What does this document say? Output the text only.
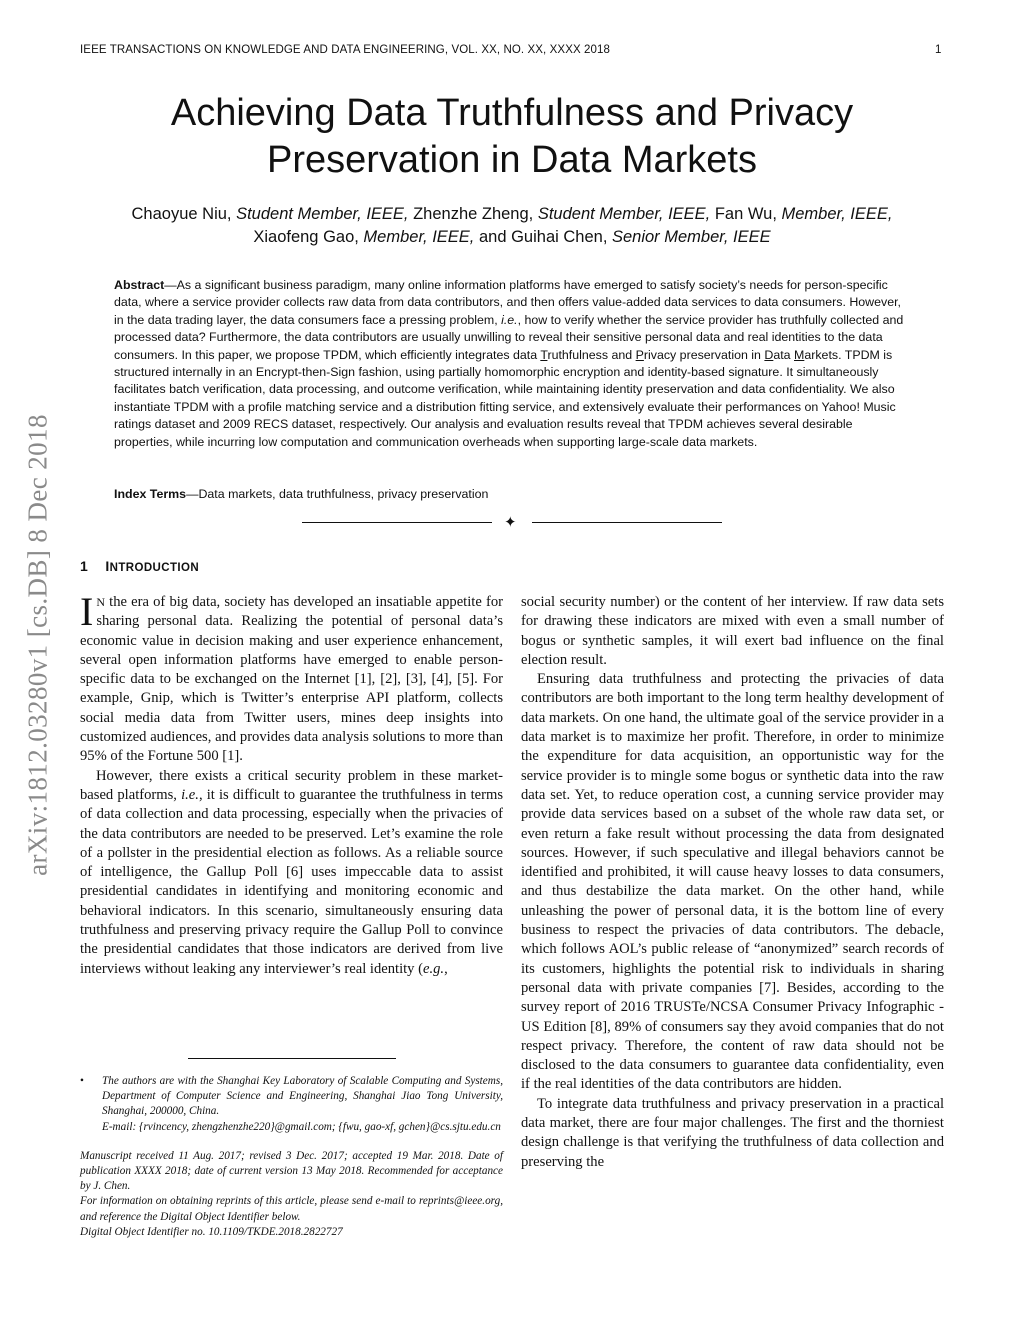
IEEE TRANSACTIONS ON KNOWLEDGE AND DATA ENGINEERING, VOL. XX, NO. XX, XXXX 2018	1
arXiv:1812.03280v1 [cs.DB] 8 Dec 2018
Achieving Data Truthfulness and Privacy
Preservation in Data Markets
Chaoyue Niu, Student Member, IEEE, Zhenzhe Zheng, Student Member, IEEE, Fan Wu, Member, IEEE,
Xiaofeng Gao, Member, IEEE, and Guihai Chen, Senior Member, IEEE
Abstract—As a significant business paradigm, many online information platforms have emerged to satisfy society’s needs for person-specific data, where a service provider collects raw data from data contributors, and then offers value-added data services to data consumers. However, in the data trading layer, the data consumers face a pressing problem, i.e., how to verify whether the service provider has truthfully collected and processed data? Furthermore, the data contributors are usually unwilling to reveal their sensitive personal data and real identities to the data consumers. In this paper, we propose TPDM, which efficiently integrates data Truthfulness and Privacy preservation in Data Markets. TPDM is structured internally in an Encrypt-then-Sign fashion, using partially homomorphic encryption and identity-based signature. It simultaneously facilitates batch verification, data processing, and outcome verification, while maintaining identity preservation and data confidentiality. We also instantiate TPDM with a profile matching service and a distribution fitting service, and extensively evaluate their performances on Yahoo! Music ratings dataset and 2009 RECS dataset, respectively. Our analysis and evaluation results reveal that TPDM achieves several desirable properties, while incurring low computation and communication overheads when supporting large-scale data markets.
Index Terms—Data markets, data truthfulness, privacy preservation
✦
1 INTRODUCTION

I N the era of big data, society has developed an insatiable appetite for sharing personal data. Realizing the potential of personal data’s economic value in decision making and user experience enhancement, several open information platforms have emerged to enable person-specific data to be exchanged on the Internet [1], [2], [3], [4], [5]. For example, Gnip, which is Twitter’s enterprise API platform, collects social media data from Twitter users, mines deep insights into customized audiences, and provides data analysis solutions to more than 95% of the Fortune 500 [1].

However, there exists a critical security problem in these market-based platforms, i.e., it is difficult to guarantee the truthfulness in terms of data collection and data processing, especially when the privacies of the data contributors are needed to be preserved. Let’s examine the role of a pollster in the presidential election as follows. As a reliable source of intelligence, the Gallup Poll [6] uses impeccable data to assist presidential candidates in identifying and monitoring economic and behavioral indicators. In this scenario, simultaneously ensuring data truthfulness and preserving privacy require the Gallup Poll to convince the presidential candidates that those indicators are derived from live interviews without leaking any interviewer’s real identity (e.g.,

•	The authors are with the Shanghai Key Laboratory of Scalable Computing and Systems, Department of Computer Science and Engineering, Shanghai Jiao Tong University, Shanghai, 200000, China.

E-mail: {rvincency, zhengzhenzhe220}@gmail.com; {fwu, gao-xf, gchen}@cs.sjtu.edu.cn

Manuscript received 11 Aug. 2017; revised 3 Dec. 2017; accepted 19 Mar. 2018. Date of publication XXXX 2018; date of current version 13 May 2018. Recommended for acceptance by J. Chen.

For information on obtaining reprints of this article, please send e-mail to reprints@ieee.org, and reference the Digital Object Identifier below.

Digital Object Identifier no. 10.1109/TKDE.2018.2822727

social security number) or the content of her interview. If raw data sets for drawing these indicators are mixed with even a small number of bogus or synthetic samples, it will exert bad influence on the final election result.

Ensuring data truthfulness and protecting the privacies of data contributors are both important to the long term healthy development of data markets. On one hand, the ultimate goal of the service provider in a data market is to maximize her profit. Therefore, in order to minimize the expenditure for data acquisition, an opportunistic way for the service provider is to mingle some bogus or synthetic data into the raw data set. Yet, to reduce operation cost, a cunning service provider may provide data services based on a subset of the whole raw data set, or even return a fake result without processing the data from designated sources. However, if such speculative and illegal behaviors cannot be identified and prohibited, it will cause heavy losses to data consumers, and thus destabilize the data market. On the other hand, while unleashing the power of personal data, it is the bottom line of every business to respect the privacies of data contributors. The debacle, which follows AOL’s public release of “anonymized” search records of its customers, highlights the potential risk to individuals in sharing personal data with private companies [7]. Besides, according to the survey report of 2016 TRUSTe/NCSA Consumer Privacy Infographic - US Edition [8], 89% of consumers say they avoid companies that do not respect privacy. Therefore, the content of raw data should not be disclosed to the data consumers to guarantee data confidentiality, even if the real identities of the data contributors are hidden.

To integrate data truthfulness and privacy preservation in a practical data market, there are four major challenges. The first and the thorniest design challenge is that verifying the truthfulness of data collection and preserving the
